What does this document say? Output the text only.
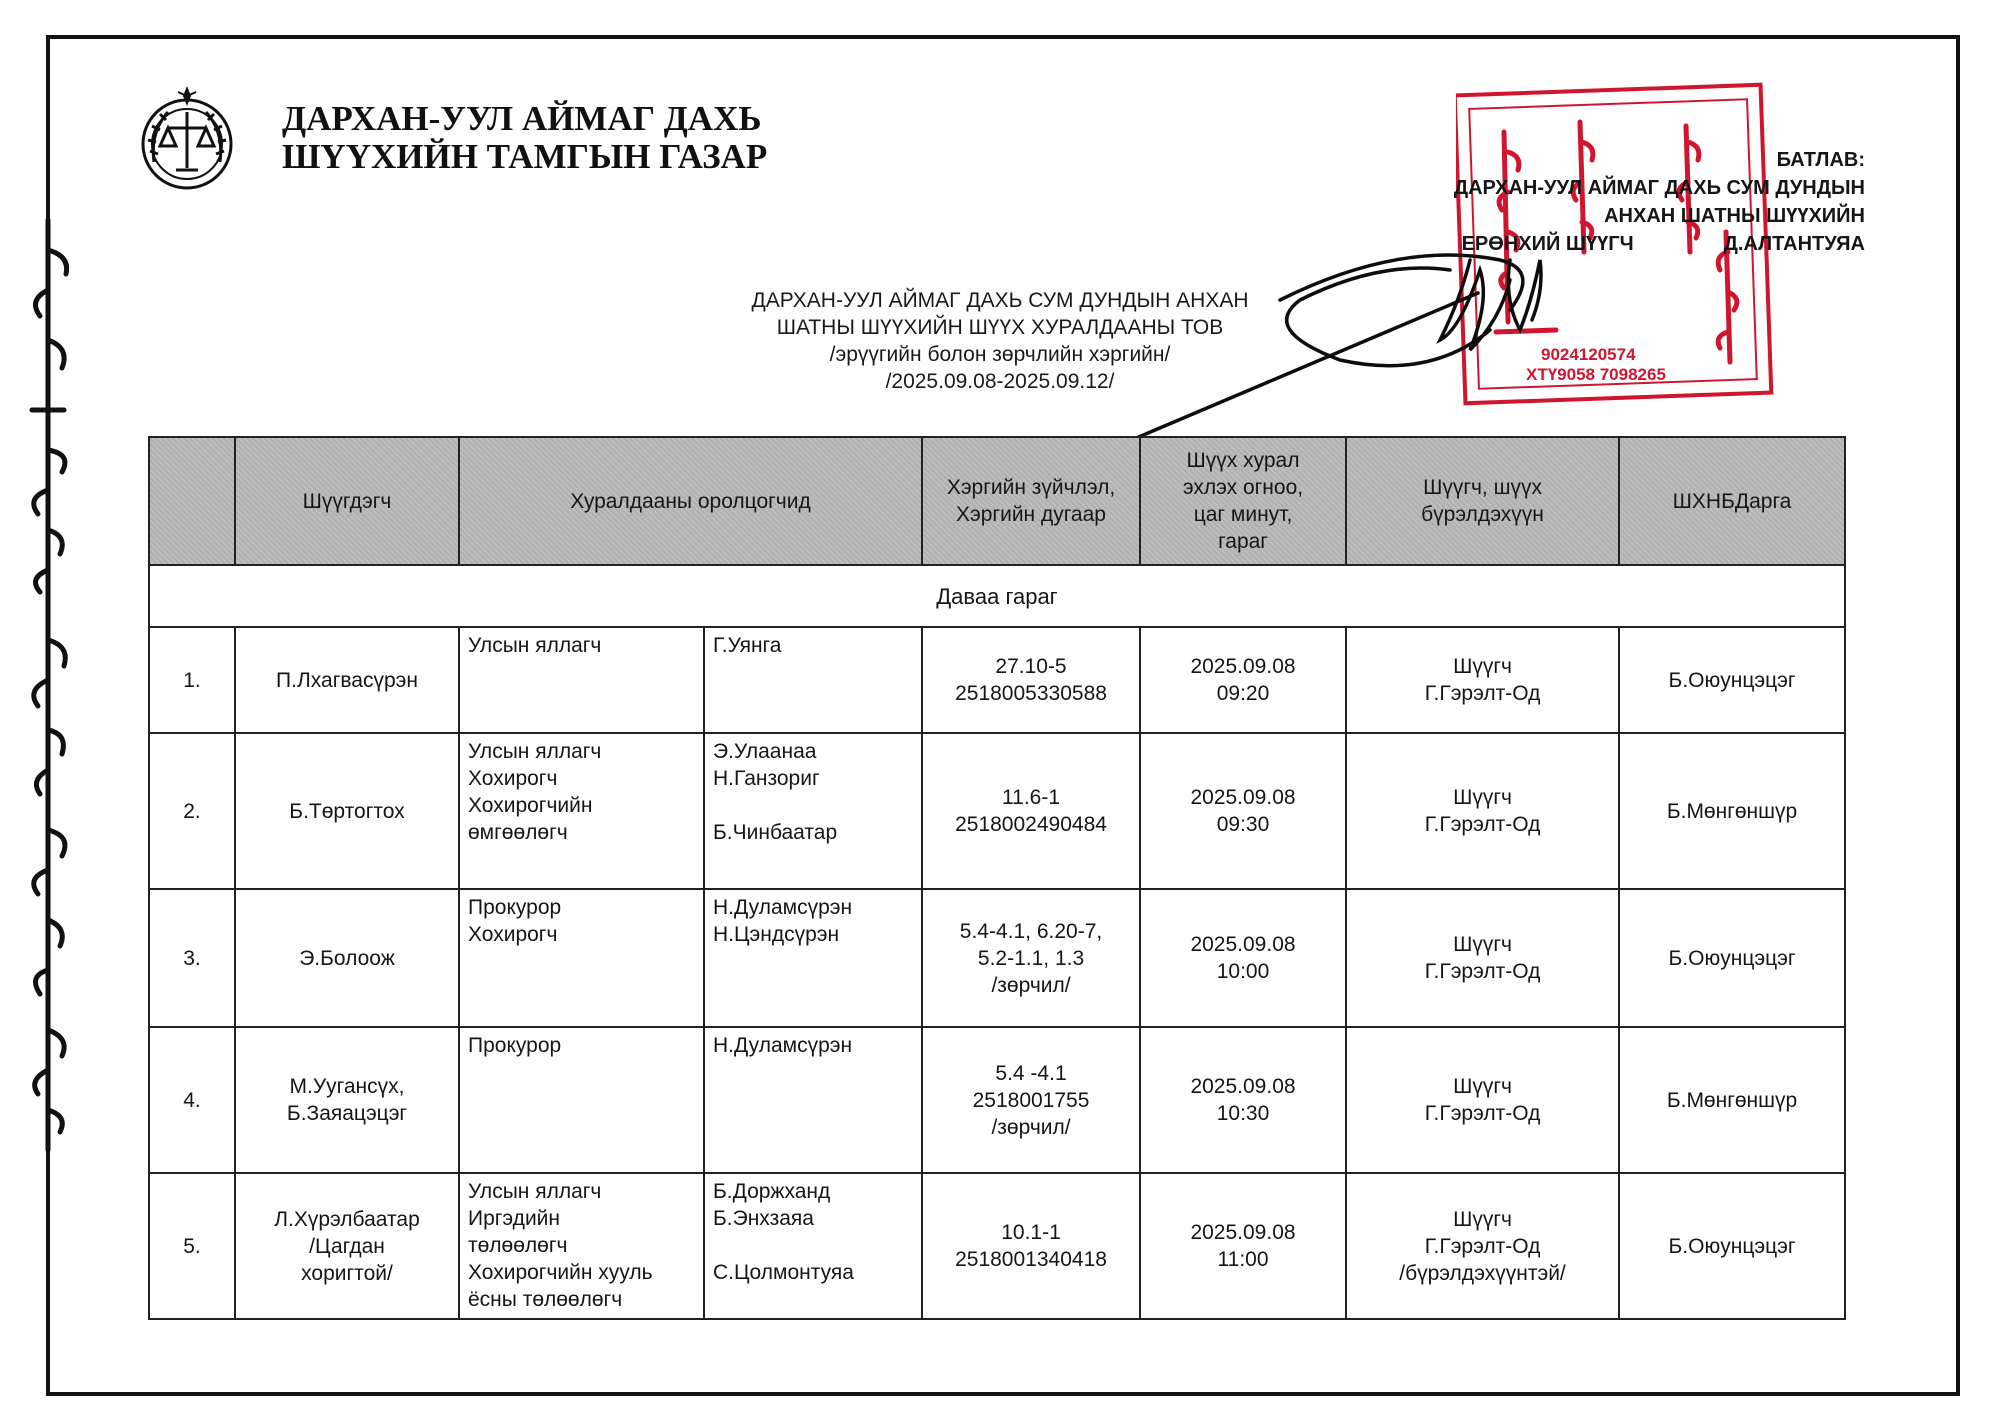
ДАРХАН-УУЛ АЙМАГ ДАХЬ
ШҮҮХИЙН ТАМГЫН ГАЗАР
9024120574
ХТҮ9058 7098265
БАТЛАВ:
ДАРХАН-УУЛ АЙМАГ ДАХЬ СУМ ДУНДЫН
АНХАН ШАТНЫ ШҮҮХИЙН
ЕРӨНХИЙ ШҮҮГЧ	Д.АЛТАНТУЯА
ДАРХАН-УУЛ АЙМАГ ДАХЬ СУМ ДУНДЫН АНХАН
ШАТНЫ ШҮҮХИЙН ШҮҮХ ХУРАЛДААНЫ ТОВ
/эрүүгийн болон зөрчлийн хэргийн/
/2025.09.08-2025.09.12/
	Шүүгдэгч	Хуралдааны оролцогчид		Хэргийн зүйчлэл,
Хэргийн дугаар	Шүүх хурал
эхлэх огноо,
цаг минут,
гараг	Шүүгч, шүүх
бүрэлдэхүүн	ШХНБДарга
Даваа гараг							
1.	П.Лхагвасүрэн	Улсын яллагч	Г.Уянга	27.10-5
2518005330588	2025.09.08
09:20	Шүүгч
Г.Гэрэлт-Од	Б.Оюунцэцэг
2.	Б.Төртогтох	Улсын яллагч
Хохирогч
Хохирогчийн
өмгөөлөгч	Э.Улаанаа
Н.Ганзориг
Б.Чинбаатар	11.6-1
2518002490484	2025.09.08
09:30	Шүүгч
Г.Гэрэлт-Од	Б.Мөнгөншүр
3.	Э.Болоож	Прокурор
Хохирогч	Н.Дуламсүрэн
Н.Цэндсүрэн	5.4-4.1, 6.20-7,
5.2-1.1, 1.3
/зөрчил/	2025.09.08
10:00	Шүүгч
Г.Гэрэлт-Од	Б.Оюунцэцэг
4.	М.Уугансүх,
Б.Заяацэцэг	Прокурор	Н.Дуламсүрэн	5.4 -4.1
2518001755
/зөрчил/	2025.09.08
10:30	Шүүгч
Г.Гэрэлт-Од	Б.Мөнгөншүр
5.	Л.Хүрэлбаатар
/Цагдан
хоригтой/	Улсын яллагч
Иргэдийн
төлөөлөгч
Хохирогчийн хууль
ёсны төлөөлөгч	Б.Доржханд
Б.Энхзаяа
С.Цолмонтуяа	10.1-1
2518001340418	2025.09.08
11:00	Шүүгч
Г.Гэрэлт-Од
/бүрэлдэхүүнтэй/	Б.Оюунцэцэг
